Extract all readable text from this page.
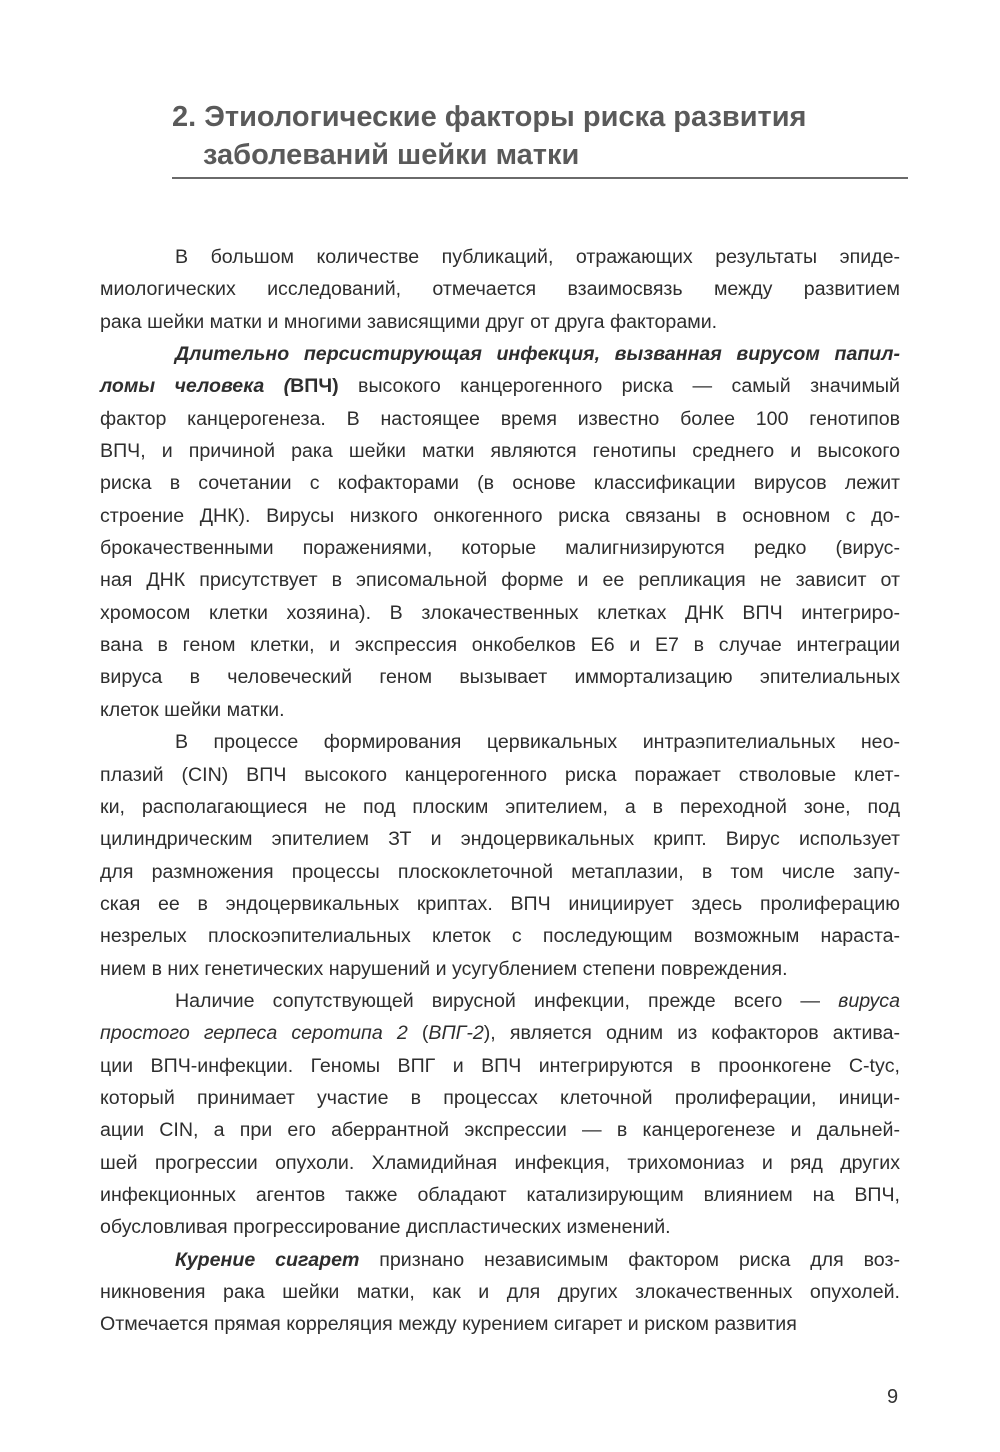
2. Этиологические факторы риска развития
заболеваний шейки матки
В большом количестве публикаций, отражающих результаты эпиде-
миологических исследований, отмечается взаимосвязь между развитием
рака шейки матки и многими зависящими друг от друга факторами.
Длительно персистирующая инфекция, вызванная вирусом папил-
ломы человека (ВПЧ) высокого канцерогенного риска — самый значимый
фактор канцерогенеза. В настоящее время известно более 100 генотипов
ВПЧ, и причиной рака шейки матки являются генотипы среднего и высокого
риска в сочетании с кофакторами (в основе классификации вирусов лежит
строение ДНК). Вирусы низкого онкогенного риска связаны в основном с до-
брокачественными поражениями, которые малигнизируются редко (вирус-
ная ДНК присутствует в эписомальной форме и ее репликация не зависит от
хромосом клетки хозяина). В злокачественных клетках ДНК ВПЧ интегриро-
вана в геном клетки, и экспрессия онкобелков Е6 и Е7 в случае интеграции
вируса в человеческий геном вызывает иммортализацию эпителиальных
клеток шейки матки.
В процессе формирования цервикальных интраэпителиальных нео-
плазий (CIN) ВПЧ высокого канцерогенного риска поражает стволовые клет-
ки, располагающиеся не под плоским эпителием, а в переходной зоне, под
цилиндрическим эпителием ЗТ и эндоцервикальных крипт. Вирус использует
для размножения процессы плоскоклеточной метаплазии, в том числе запу-
ская ее в эндоцервикальных криптах. ВПЧ инициирует здесь пролиферацию
незрелых плоскоэпителиальных клеток с последующим возможным нараста-
нием в них генетических нарушений и усугублением степени повреждения.
Наличие сопутствующей вирусной инфекции, прежде всего — вируса
простого герпеса серотипа 2 (ВПГ-2), является одним из кофакторов актива-
ции ВПЧ-инфекции. Геномы ВПГ и ВПЧ интегрируются в проонкогене C-tyc,
который принимает участие в процессах клеточной пролиферации, иници-
ации CIN, а при его аберрантной экспрессии — в канцерогенезе и дальней-
шей прогрессии опухоли. Хламидийная инфекция, трихомониаз и ряд других
инфекционных агентов также обладают катализирующим влиянием на ВПЧ,
обусловливая прогрессирование диспластических изменений.
Курение сигарет признано независимым фактором риска для воз-
никновения рака шейки матки, как и для других злокачественных опухолей.
Отмечается прямая корреляция между курением сигарет и риском развития
9
